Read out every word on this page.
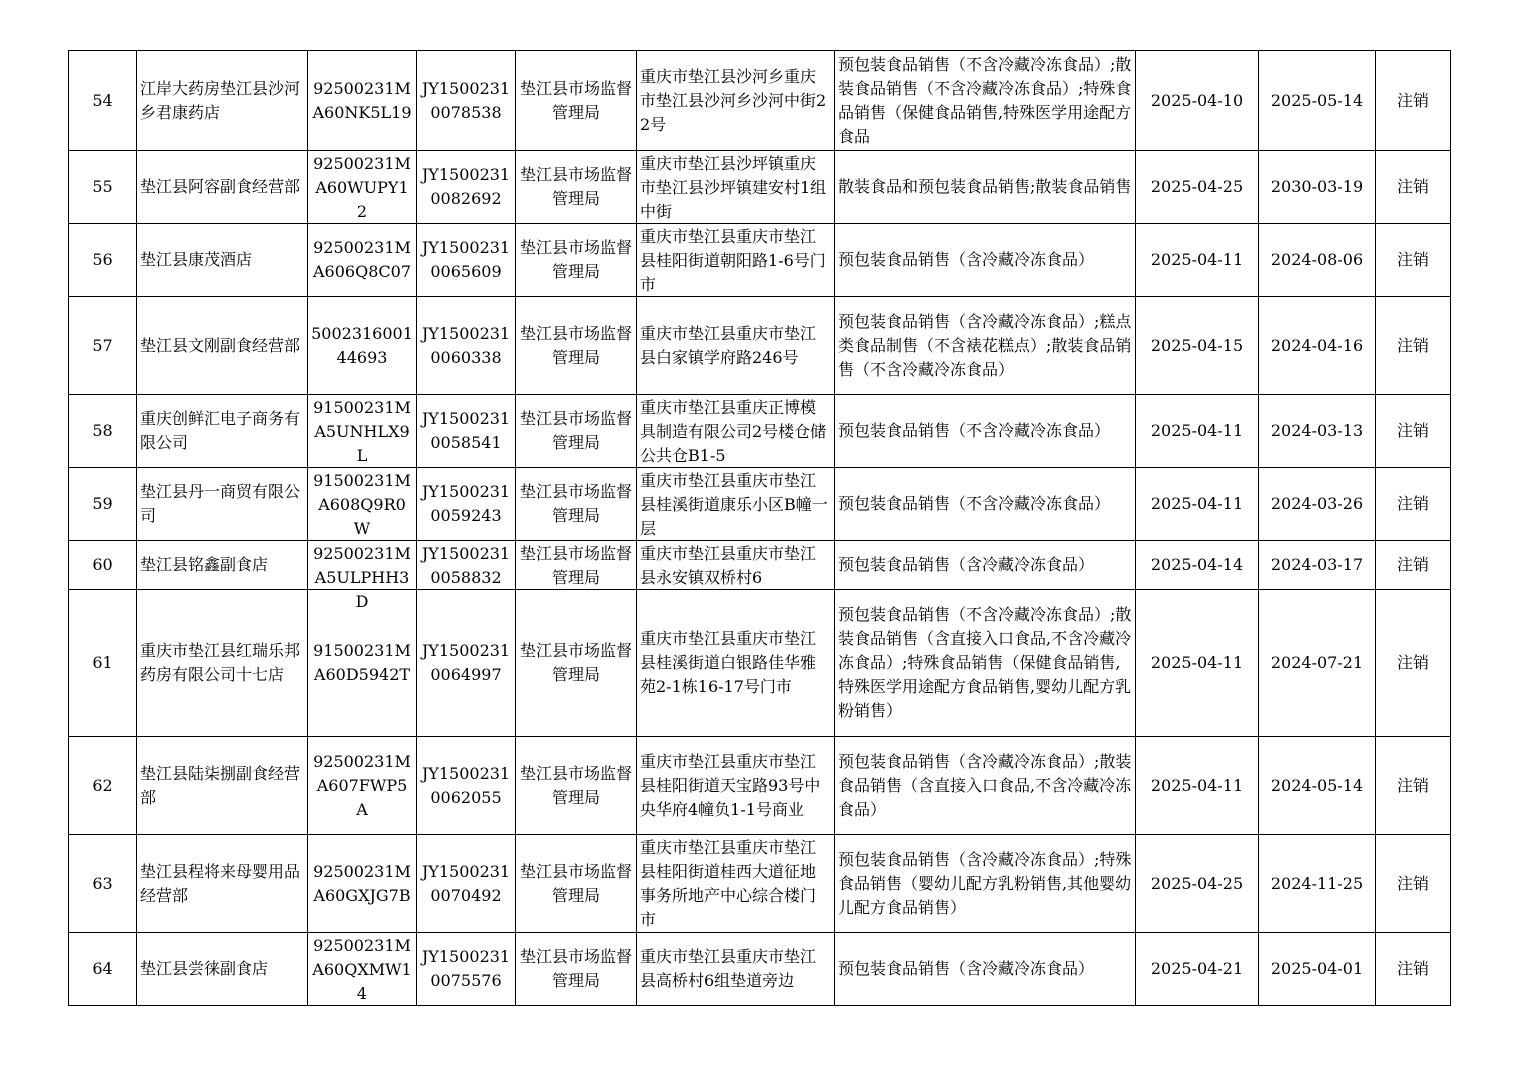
54	江岸大药房垫江县沙河乡君康药店	92500231MA60NK5L19	JY15002310078538	垫江县市场监督管理局	重庆市垫江县沙河乡重庆市垫江县沙河乡沙河中街22号	预包装食品销售（不含冷藏冷冻食品）;散装食品销售（不含冷藏冷冻食品）;特殊食品销售（保健食品销售,特殊医学用途配方食品	2025-04-10	2025-05-14	注销

55	垫江县阿容副食经营部	92500231MA60WUPY12	JY15002310082692	垫江县市场监督管理局	重庆市垫江县沙坪镇重庆市垫江县沙坪镇建安村1组中街	散装食品和预包装食品销售;散装食品销售	2025-04-25	2030-03-19	注销

56	垫江县康茂酒店	92500231MA606Q8C07	JY15002310065609	垫江县市场监督管理局	重庆市垫江县重庆市垫江县桂阳街道朝阳路1-6号门市	预包装食品销售（含冷藏冷冻食品）	2025-04-11	2024-08-06	注销

57	垫江县文刚副食经营部	500231600144693	JY15002310060338	垫江县市场监督管理局	重庆市垫江县重庆市垫江县白家镇学府路246号	预包装食品销售（含冷藏冷冻食品）;糕点类食品制售（不含裱花糕点）;散装食品销售（不含冷藏冷冻食品）	2025-04-15	2024-04-16	注销

58	重庆创鲜汇电子商务有限公司	91500231MA5UNHLX9L	JY15002310058541	垫江县市场监督管理局	重庆市垫江县重庆正博模具制造有限公司2号楼仓储公共仓B1-5	预包装食品销售（不含冷藏冷冻食品）	2025-04-11	2024-03-13	注销

59	垫江县丹一商贸有限公司	91500231MA608Q9R0W	JY15002310059243	垫江县市场监督管理局	重庆市垫江县重庆市垫江县桂溪街道康乐小区B幢一层	预包装食品销售（不含冷藏冷冻食品）	2025-04-11	2024-03-26	注销

60	垫江县铭鑫副食店	92500231MA5ULPHH3D	JY15002310058832	垫江县市场监督管理局	重庆市垫江县重庆市垫江县永安镇双桥村6	预包装食品销售（含冷藏冷冻食品）	2025-04-14	2024-03-17	注销

61	重庆市垫江县红瑞乐邦药房有限公司十七店	91500231MA60D5942T	JY15002310064997	垫江县市场监督管理局	重庆市垫江县重庆市垫江县桂溪街道白银路佳华雅苑2-1栋16-17号门市	预包装食品销售（不含冷藏冷冻食品）;散装食品销售（含直接入口食品,不含冷藏冷冻食品）;特殊食品销售（保健食品销售,特殊医学用途配方食品销售,婴幼儿配方乳粉销售）	2025-04-11	2024-07-21	注销

62	垫江县陆柒捌副食经营部	92500231MA607FWP5A	JY15002310062055	垫江县市场监督管理局	重庆市垫江县重庆市垫江县桂阳街道天宝路93号中央华府4幢负1-1号商业	预包装食品销售（含冷藏冷冻食品）;散装食品销售（含直接入口食品,不含冷藏冷冻食品）	2025-04-11	2024-05-14	注销

63	垫江县程将来母婴用品经营部	92500231MA60GXJG7B	JY15002310070492	垫江县市场监督管理局	重庆市垫江县重庆市垫江县桂阳街道桂西大道征地事务所地产中心综合楼门市	预包装食品销售（含冷藏冷冻食品）;特殊食品销售（婴幼儿配方乳粉销售,其他婴幼儿配方食品销售）	2025-04-25	2024-11-25	注销

64	垫江县尝徕副食店	92500231MA60QXMW14	JY15002310075576	垫江县市场监督管理局	重庆市垫江县重庆市垫江县高桥村6组垫道旁边	预包装食品销售（含冷藏冷冻食品）	2025-04-21	2025-04-01	注销
